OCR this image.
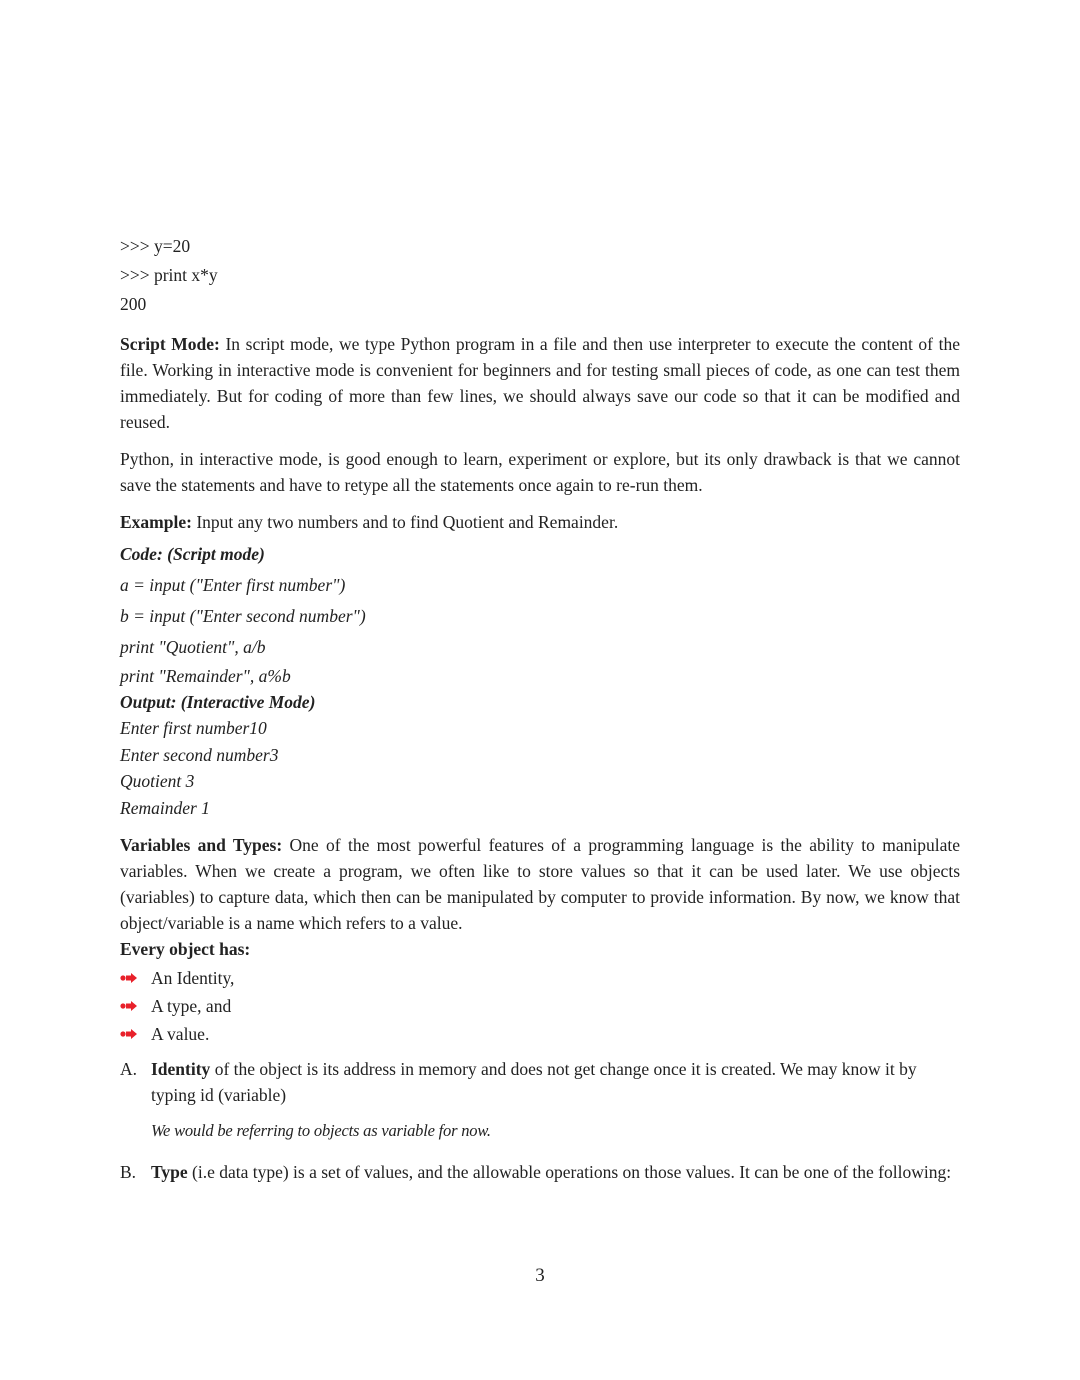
>>> y=20

>>> print x*y

200

Script Mode: In script mode, we type Python program in a file and then use interpreter to execute the content of the file. Working in interactive mode is convenient for beginners and for testing small pieces of code, as one can test them immediately. But for coding of more than few lines, we should always save our code so that it can be modified and reused.

Python, in interactive mode, is good enough to learn, experiment or explore, but its only drawback is that we cannot save the statements and have to retype all the statements once again to re-run them.

Example: Input any two numbers and to find Quotient and Remainder.

Code: (Script mode)

a = input ("Enter first number")

b = input ("Enter second number")

print "Quotient", a/b

print "Remainder", a%b

Output: (Interactive Mode)

Enter first number10

Enter second number3

Quotient 3

Remainder 1

Variables and Types: One of the most powerful features of a programming language is the ability to manipulate variables. When we create a program, we often like to store values so that it can be used later. We use objects (variables) to capture data, which then can be manipulated by computer to provide information. By now, we know that object/variable is a name which refers to a value.

Every object has:

An Identity,
A type, and
A value.
A. Identity of the object is its address in memory and does not get change once it is created. We may know it by typing id (variable)

We would be referring to objects as variable for now.

B. Type (i.e data type) is a set of values, and the allowable operations on those values. It can be one of the following:
3
